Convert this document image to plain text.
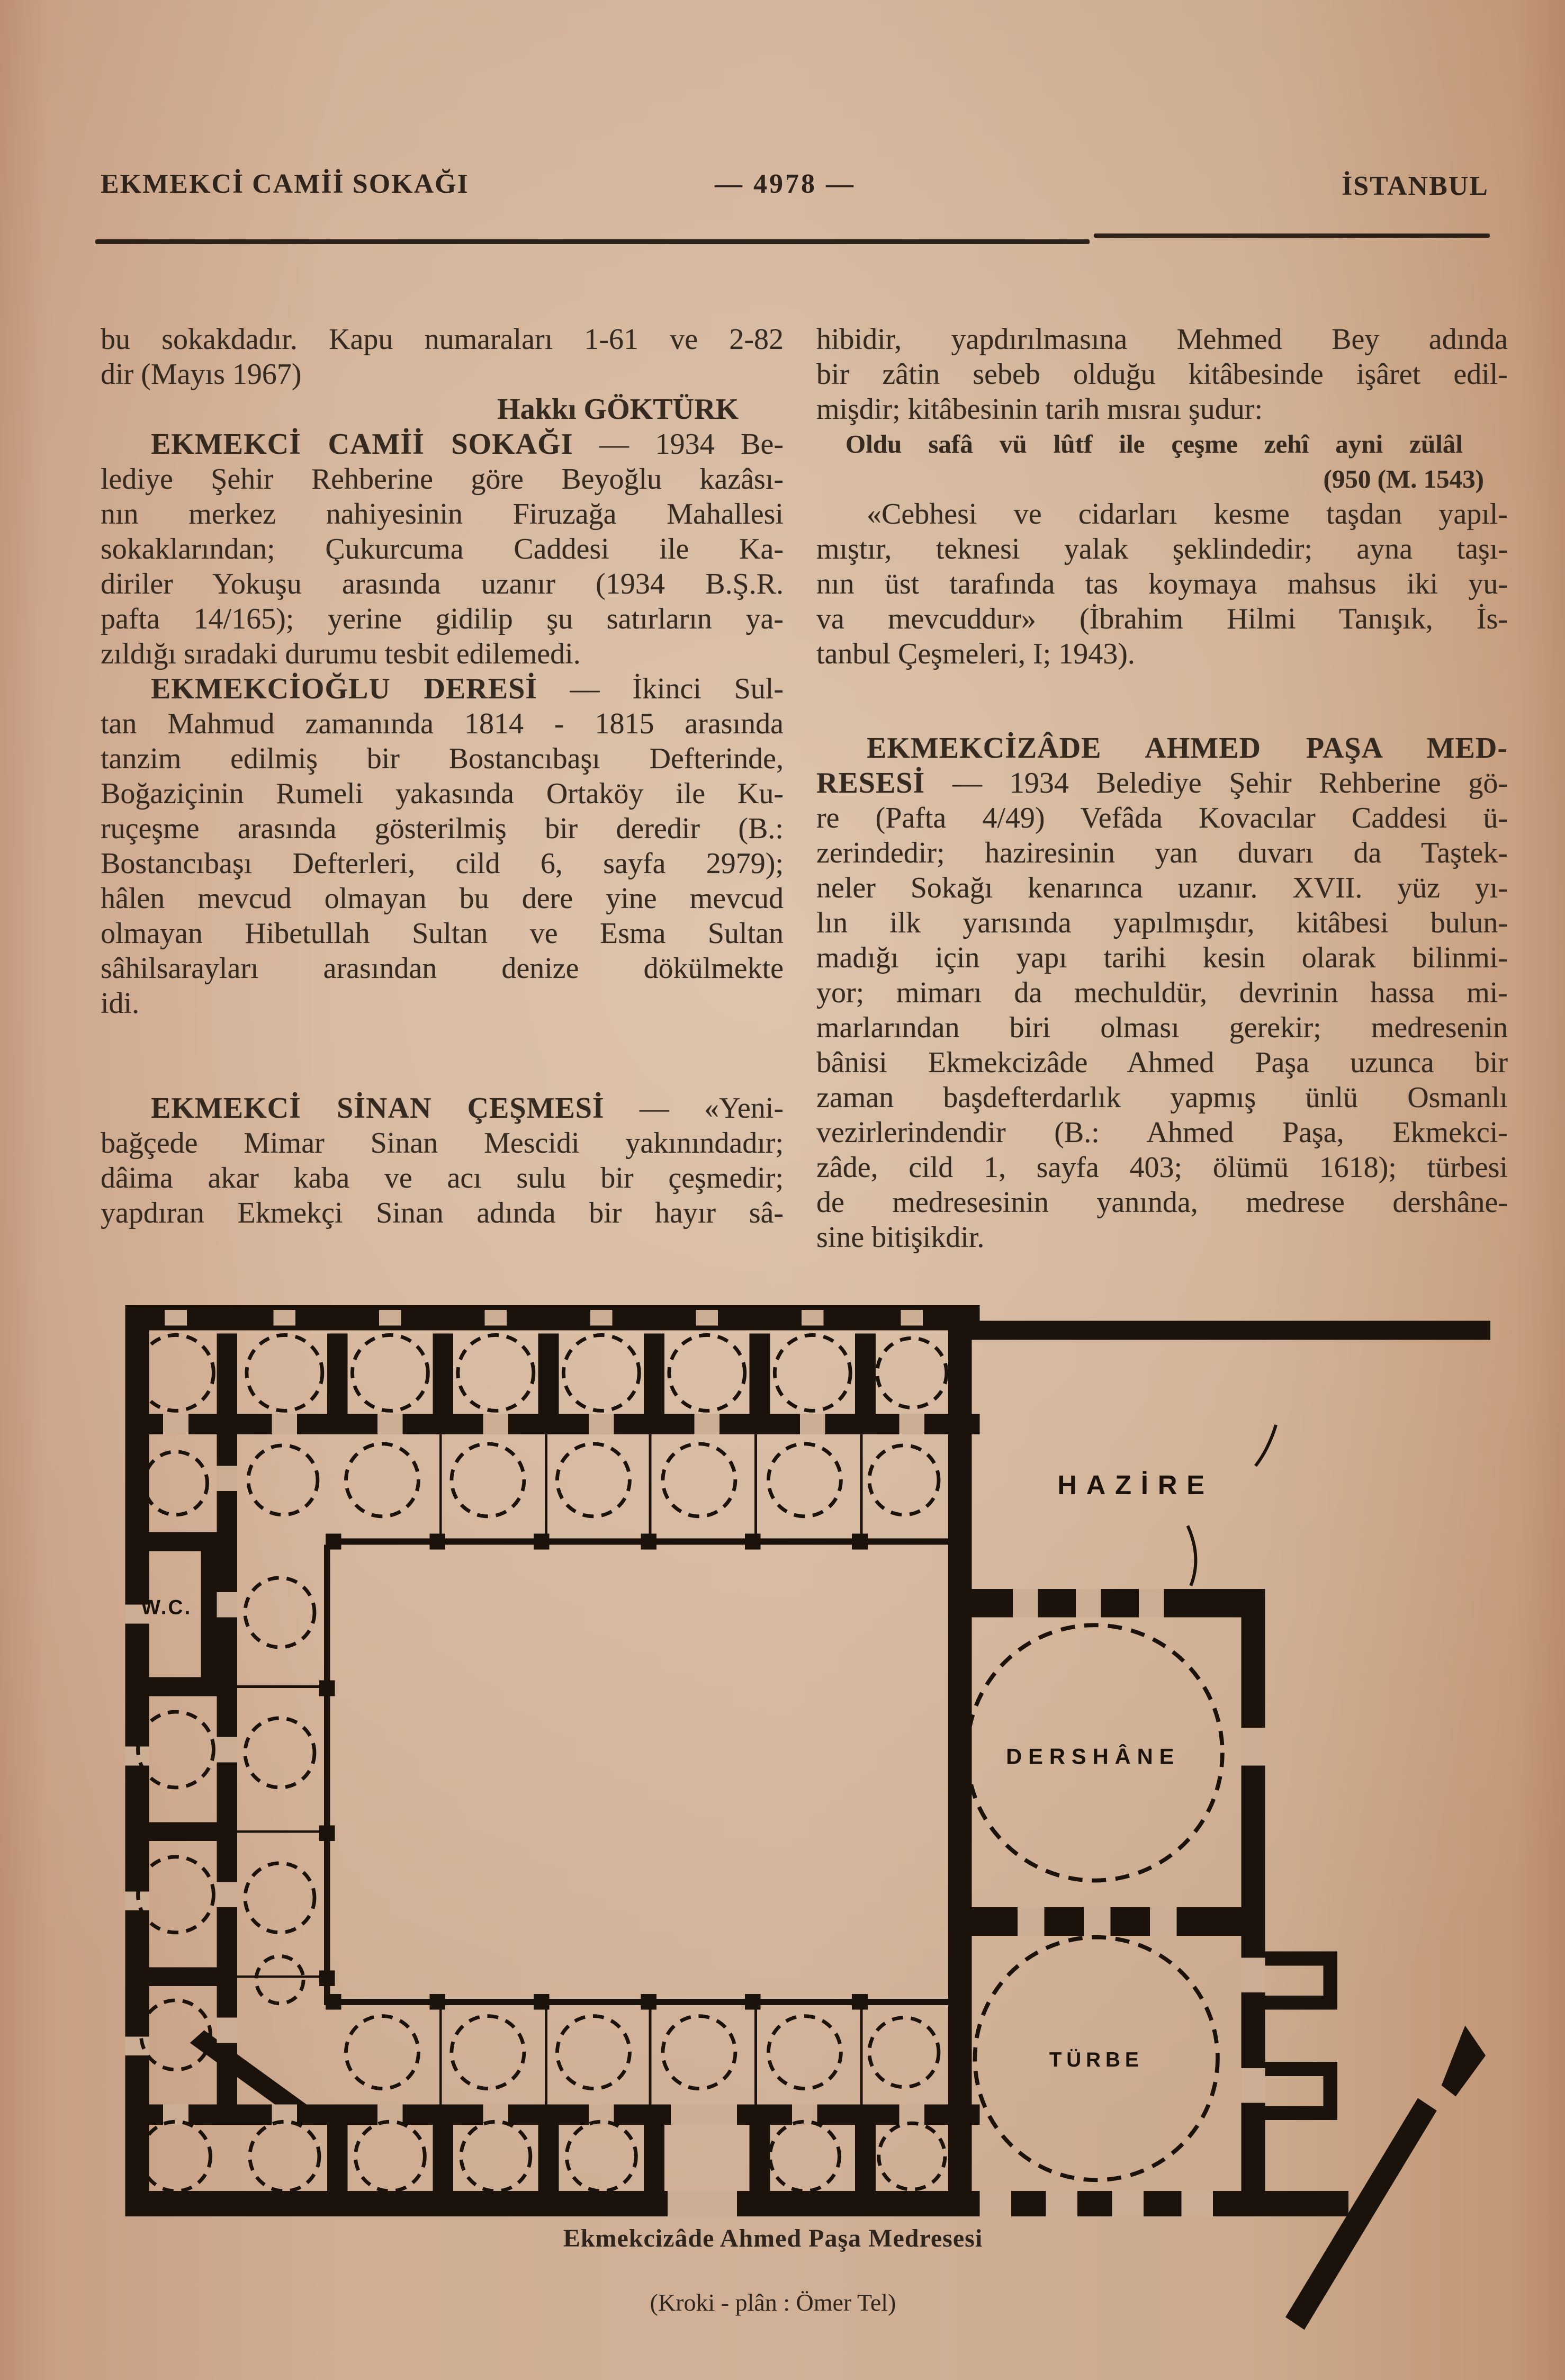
EKMEKCİ CAMİİ SOKAĞI	— 4978 —	İSTANBUL
bu sokakdadır. Kapu numaraları 1-61 ve 2-82
dir (Mayıs 1967)
Hakkı GÖKTÜRK
EKMEKCİ CAMİİ SOKAĞI — 1934 Be-
lediye Şehir Rehberine göre Beyoğlu kazâsı-
nın merkez nahiyesinin Firuzağa Mahallesi
sokaklarından; Çukurcuma Caddesi ile Ka-
diriler Yokuşu arasında uzanır (1934 B.Ş.R.
pafta 14/165); yerine gidilip şu satırların ya-
zıldığı sıradaki durumu tesbit edilemedi.
EKMEKCİOĞLU DERESİ — İkinci Sul-
tan Mahmud zamanında 1814 - 1815 arasında
tanzim edilmiş bir Bostancıbaşı Defterinde,
Boğaziçinin Rumeli yakasında Ortaköy ile Ku-
ruçeşme arasında gösterilmiş bir deredir (B.:
Bostancıbaşı Defterleri, cild 6, sayfa 2979);
hâlen mevcud olmayan bu dere yine mevcud
olmayan Hibetullah Sultan ve Esma Sultan
sâhilsarayları arasından denize dökülmekte
idi.
EKMEKCİ SİNAN ÇEŞMESİ — «Yeni-
bağçede Mimar Sinan Mescidi yakınındadır;
dâima akar kaba ve acı sulu bir çeşmedir;
yapdıran Ekmekçi Sinan adında bir hayır sâ-
hibidir, yapdırılmasına Mehmed Bey adında
bir zâtin sebeb olduğu kitâbesinde işâret edil-
mişdir; kitâbesinin tarih mısraı şudur:
Oldu safâ vü lûtf ile çeşme zehî ayni zülâl
(950 (M. 1543)
«Cebhesi ve cidarları kesme taşdan yapıl-
mıştır, teknesi yalak şeklindedir; ayna taşı-
nın üst tarafında tas koymaya mahsus iki yu-
va mevcuddur» (İbrahim Hilmi Tanışık, İs-
tanbul Çeşmeleri, I; 1943).
EKMEKCİZÂDE AHMED PAŞA MED-
RESESİ — 1934 Belediye Şehir Rehberine gö-
re (Pafta 4/49) Vefâda Kovacılar Caddesi ü-
zerindedir; haziresinin yan duvarı da Taştek-
neler Sokağı kenarınca uzanır. XVII. yüz yı-
lın ilk yarısında yapılmışdır, kitâbesi bulun-
madığı için yapı tarihi kesin olarak bilinmi-
yor; mimarı da mechuldür, devrinin hassa mi-
marlarından biri olması gerekir; medresenin
bânisi Ekmekcizâde Ahmed Paşa uzunca bir
zaman başdefterdarlık yapmış ünlü Osmanlı
vezirlerindendir (B.: Ahmed Paşa, Ekmekci-
zâde, cild 1, sayfa 403; ölümü 1618); türbesi
de medresesinin yanında, medrese dershâne-
sine bitişikdir.
W.C.
HAZİRE
DERSHÂNE
TÜRBE
Ekmekcizâde Ahmed Paşa Medresesi
(Kroki - plân : Ömer Tel)
